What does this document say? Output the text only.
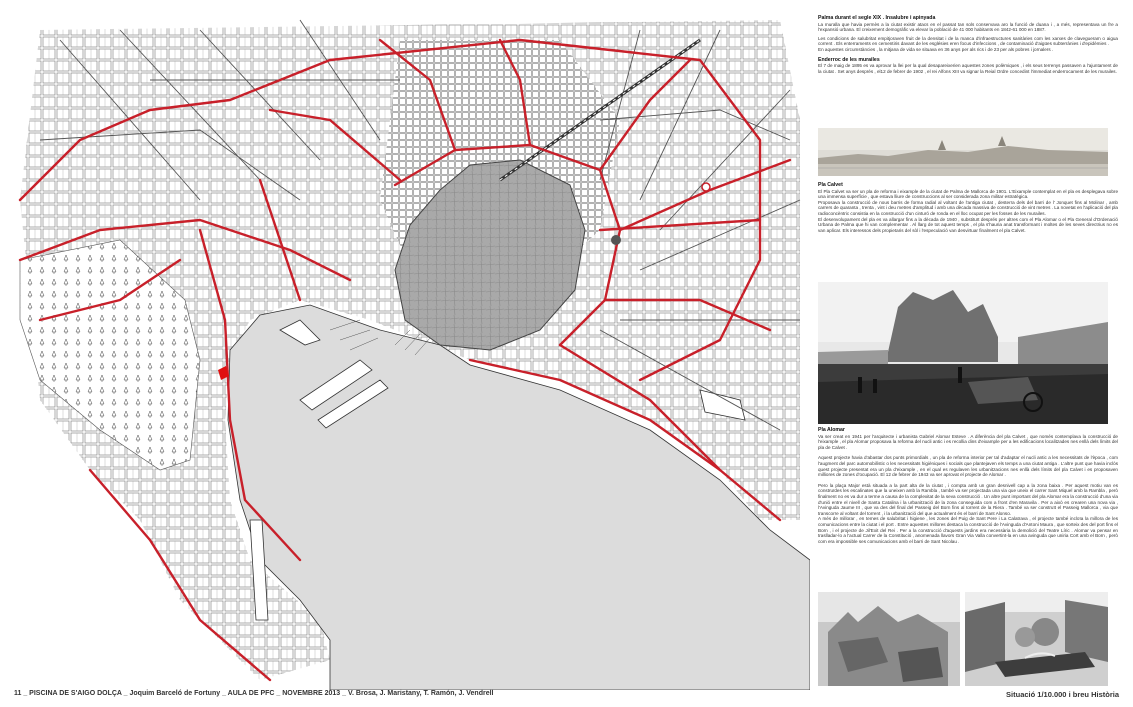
Palma durant el segle XIX . Insalubre i apinyada

La muralla que havia permès a la ciutat existir atacs en el passat tan sols conservava aro la funció de duana i , a més, representava un fre a l'expansió urbana. El creixement demogràfic va elevar la població de 41 000 habitants en 1842-61 000 en 1887.

Les condicions de salubritat empitjoraven fruit de la densitat i de la manca d'infraestructures sanitàries com les xarxes de clavegueram o aigua corrent . Els enterraments en cementiris davant de les esglésies eren focus d'infeccions , de contaminació d'aigües subterrànies i d'epidèmies .

En aquestes circumstàncies , la mitjana de vida se situava en 36 anys per als rics i de 23 per als pobres i jornalers .

Enderroc de les murailes

El 7 de maig de 1895 es va aprovar la llei per la qual desapareixerien aquestes zones polèmiques , i els seus terrenys passaven a l'ajuntament de la ciutat . Set anys després , el12 de febrer de 1902 , el rei Alfons XIII va signar la Reial Ordre concedint l'immediat enderrocament de les murailes.

Pla Calvet

El Pla Calvet va ser un pla de reforma i eixample de la ciutat de Palma de Mallorca de 1901. L'Eixample contemplat en el pla es desplegava sobre una immensa superfície , que estava lliure de construccions al ser considerada zona militar estratègica.

Proposava la construcció de nous barris de forma radial al voltant de l'antiga ciutat , desterra dels del barri de l' Jonquet fins al Molinar , amb carrers de quaranta , trenta , vint i deu metres d'amplitud i amb una dècada massiva de construcció de vint metres . La novetat en l'aplicació del pla radioconcèntric consistia en la construcció d'un cinturó de ronda en el lloc ocupat per les fosses de les murailes.

El desenvolupament del pla es va allargar fins a la dècada de 1940 , substituït després per altres com el Pla Alomar o el Pla General d'Ordenació Urbana de Palma que hi van complementar . Al llarg de tot aquest temps , el pla s'hauria anat transformant i moltes de les seves directrius no es van aplicar. Els interessos dels propietaris del sòl i l'especulació van desvirtuar finalment el pla Calvet.

Pla Alomar

Va ser creat en 1941 per l'arquitecte i urbanista Gabriel Alomar Esteve . A diferència del pla Calvet , que només contemplava la construcció de l'eixample , el pla Alomar proposava la reforma del nucli antic i es recollia dins d'eixample per a les edificacions localitzades nes enllà dels límits del pla de Calvet .

Aquest projecte havia d'abastar dos punts primordials , un pla de reforma interior per tal d'adaptar el nucli antic a les necessitats de l'època , com l'augment del parc automobilístic o les necessitats higièniques i socials que plantejaven els temps a una ciutat antiga . L'altre punt que havia inclòs quest projecte presentat era un pla d'eixample , en el qual es regulaven les urbanitzacions nes enllà dels límits del pla Calvet i es proposaven milliores de zones d'ocupació. El 12 de febrer de 1943 va ser aprovat el projecte de Alomar .

Pero la plaça Major està situada a la part alta de la ciutat , i compta amb un gran desnivell cap a la zona baixa . Per aquest motiu van es construïdes les escalinates que la uneixen amb la Rambla , també va ser projectada una via que uneix el carrer Sant Miquel amb la Rambla , però finalment no es va dur a terme a causa de la complexitat de la seva construcció . Un altre punt important del pla Alomar era la construcció d'una via d'unió entre el nivell de Santa Catalina i la urbanització de la zona conseguida com a front d'en Maravila . Per a això es crearen una nova via , l'Avinguda Jaume III , que va des del final del Passeig del Born fins al torrent de la Riera . També va ser construït el Passeig Mallorca , via que transcorre al voltant del torrent , i la urbanització del que actualment és el barri de Sant Alonso.

A més de millorar , en temes de salubritat i higiene , les zones del Puig de Sant Pere i La Calatrava , el projecte també incloïa la millora de les comunicacions entre la ciutat i el port . Entre aquestes millores destaca la construcció de l'Avinguda d'Antoni Maura , que sorteix des del port fins el Born , i el projecte de Jil'Exit del Rei . Per a la construcció d'aquests jardins era necessària la demolició del Teatre Líric . Alomar va pensar en traslladar-lo a l'actual Carrer de la Constitució , anomenada llavors Gran Via Valla convertint-la en una avinguda que uniria Cort amb el Born , però com era impossible ses comunicacions amb el barri de Sant Nicolau .

11 _ PISCINA DE S'AIGO DOLÇA _ Joquim Barceló de Fortuny _ AULA DE PFC _ NOVEMBRE 2013 _ V. Brosa, J. Maristany, T. Ramón, J. Vendrell	Situació 1/10.000 i breu Història
